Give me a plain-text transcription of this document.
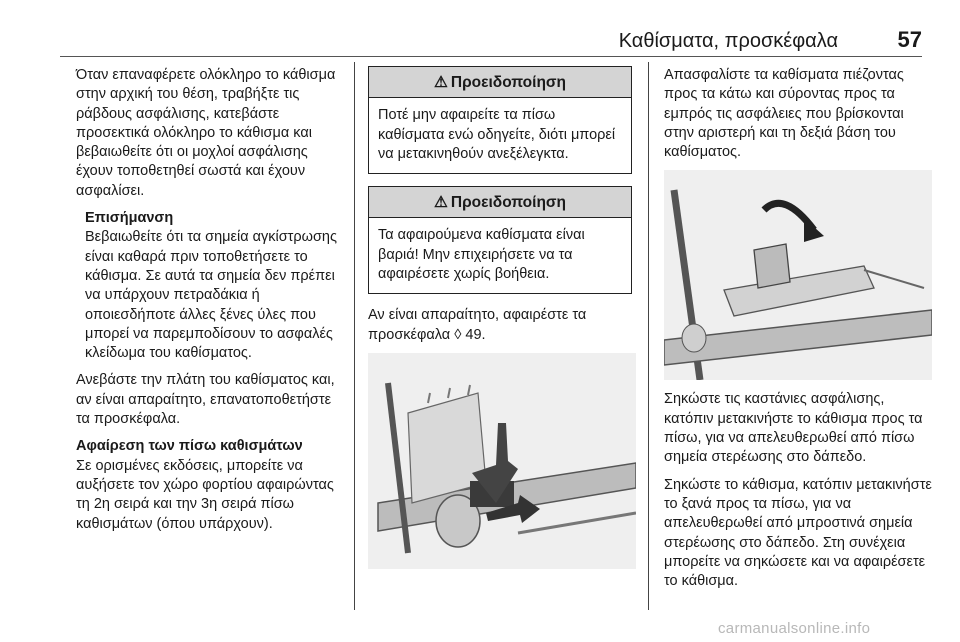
Καθίσματα, προσκέφαλα	57

Όταν επαναφέρετε ολόκληρο το κάθισμα στην αρχική του θέση, τραβήξτε τις ράβδους ασφάλισης, κατεβάστε προσεκτικά ολόκληρο το κάθισμα και βεβαιωθείτε ότι οι μοχλοί ασφάλισης έχουν τοποθετηθεί σωστά και έχουν ασφαλίσει.

Επισήμανση
Βεβαιωθείτε ότι τα σημεία αγκίστρωσης είναι καθαρά πριν τοποθετήσετε το κάθισμα. Σε αυτά τα σημεία δεν πρέπει να υπάρχουν πετραδάκια ή οποιεσδήποτε άλλες ξένες ύλες που μπορεί να παρεμποδίσουν το ασφαλές κλείδωμα του καθίσματος.

Ανεβάστε την πλάτη του καθίσματος και, αν είναι απαραίτητο, επανατοποθετήστε τα προσκέφαλα.

Αφαίρεση των πίσω καθισμάτων

Σε ορισμένες εκδόσεις, μπορείτε να αυξήσετε τον χώρο φορτίου αφαιρώντας τη 2η σειρά και την 3η σειρά πίσω καθισμάτων (όπου υπάρχουν).

⚠ Προειδοποίηση
Ποτέ μην αφαιρείτε τα πίσω καθίσματα ενώ οδηγείτε, διότι μπορεί να μετακινηθούν ανεξέλεγκτα.
⚠ Προειδοποίηση
Τα αφαιρούμενα καθίσματα είναι βαριά! Μην επιχειρήσετε να τα αφαιρέσετε χωρίς βοήθεια.

Αν είναι απαραίτητο, αφαιρέστε τα προσκέφαλα ◊ 49.

Απασφαλίστε τα καθίσματα πιέζοντας προς τα κάτω και σύροντας προς τα εμπρός τις ασφάλειες που βρίσκονται στην αριστερή και τη δεξιά βάση του καθίσματος.

Σηκώστε τις καστάνιες ασφάλισης, κατόπιν μετακινήστε το κάθισμα προς τα πίσω, για να απελευθερωθεί από πίσω σημεία στερέωσης στο δάπεδο.

Σηκώστε το κάθισμα, κατόπιν μετακινήστε το ξανά προς τα πίσω, για να απελευθερωθεί από μπροστινά σημεία στερέωσης στο δάπεδο. Στη συνέχεια μπορείτε να σηκώσετε και να αφαιρέσετε το κάθισμα.

carmanualsonline.info
